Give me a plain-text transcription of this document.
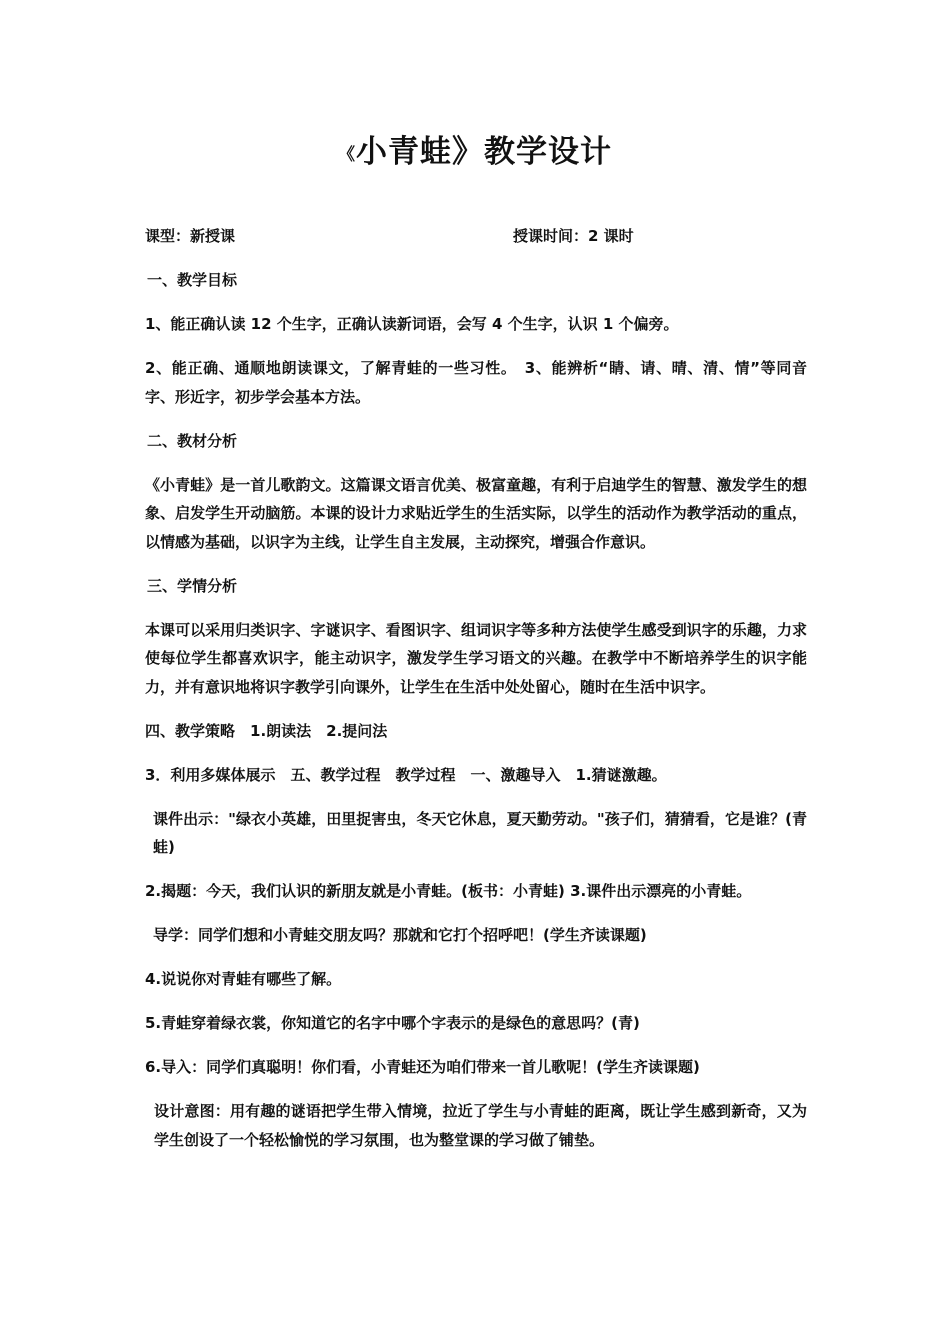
《小青蛙》教学设计
课型：新授课	授课时间：2 课时
一、教学目标
1、能正确认读 12 个生字，正确认读新词语，会写 4 个生字，认识 1 个偏旁。
2、能正确、通顺地朗读课文，了解青蛙的一些习性。　3、能辨析“睛、请、晴、清、情”等同音字、形近字，初步学会基本方法。
二、教材分析
《小青蛙》是一首儿歌韵文。这篇课文语言优美、极富童趣，有利于启迪学生的智慧、激发学生的想象、启发学生开动脑筋。本课的设计力求贴近学生的生活实际，以学生的活动作为教学活动的重点，以情感为基础，以识字为主线，让学生自主发展，主动探究，增强合作意识。
三、学情分析
本课可以采用归类识字、字谜识字、看图识字、组词识字等多种方法使学生感受到识字的乐趣，力求使每位学生都喜欢识字，能主动识字，激发学生学习语文的兴趣。在教学中不断培养学生的识字能力，并有意识地将识字教学引向课外，让学生在生活中处处留心，随时在生活中识字。
四、教学策略　1.朗读法　2.提问法
3．利用多媒体展示　五、教学过程　教学过程　一、激趣导入　1.猜谜激趣。
课件出示："绿衣小英雄，田里捉害虫，冬天它休息，夏天勤劳动。"孩子们，猜猜看，它是谁？(青蛙)
2.揭题：今天，我们认识的新朋友就是小青蛙。(板书：小青蛙) 3.课件出示漂亮的小青蛙。
导学：同学们想和小青蛙交朋友吗？那就和它打个招呼吧！(学生齐读课题)
4.说说你对青蛙有哪些了解。
5.青蛙穿着绿衣裳，你知道它的名字中哪个字表示的是绿色的意思吗？(青)
6.导入：同学们真聪明！你们看，小青蛙还为咱们带来一首儿歌呢！(学生齐读课题)
设计意图：用有趣的谜语把学生带入情境，拉近了学生与小青蛙的距离，既让学生感到新奇，又为学生创设了一个轻松愉悦的学习氛围，也为整堂课的学习做了铺垫。
